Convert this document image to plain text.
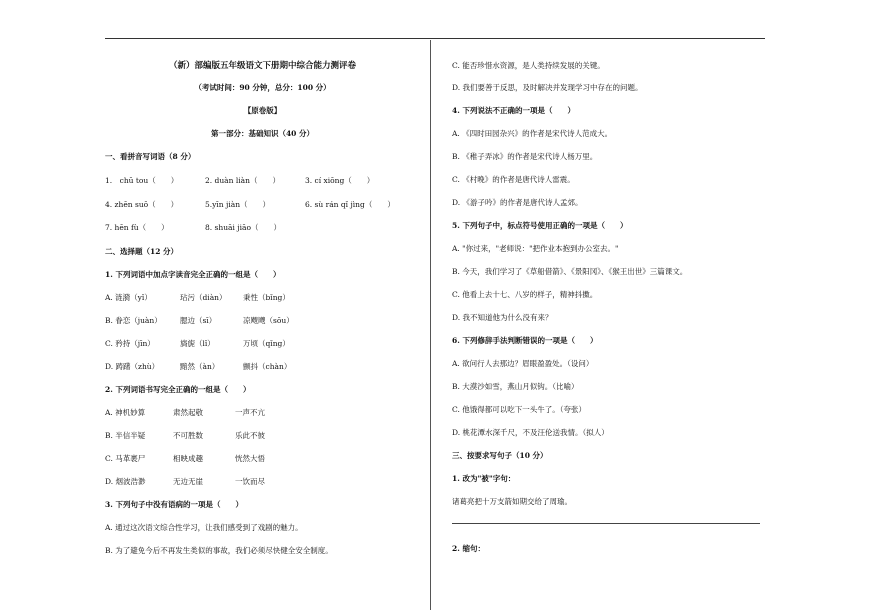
（新）部编版五年级语文下册期中综合能力测评卷
（考试时间：90 分钟，总分：100 分）
【原卷版】
第一部分：基础知识（40 分）
一、看拼音写词语（8 分）
1.　chū tou（　　）	2. duàn liàn（　　）	3. cí xiōng（　　）
4. zhēn suō（　　）	5.yīn jiàn（　　）	6. sù rán qǐ jìng（　　）
7. hēn fù（　　）	8. shuāi jiāo（　　）
二、选择题（12 分）
1. 下列词语中加点字读音完全正确的一组是（　　）
A. 涟漪（yǐ）	玷污（diàn） 秉性（bǐng）
B. 眷恋（juàn） 腮边（sī）	凉飕飕（sōu）
C. 矜持（jīn）	旖旎（lǐ）	万顷（qǐng）
D. 踌躇（zhù）	黯然（àn）	颤抖（chàn）
2. 下列词语书写完全正确的一组是（　　）
A. 神机妙算	肃然起敬	一声不亢
B. 半信半疑	不可胜数	乐此不彼
C. 马革裹尸	相映成趣	恍然大悟
D. 烟波浩渺	无边无崖	一饮而尽
3. 下列句子中没有语病的一项是（　　）
A. 通过这次语文综合性学习，让我们感受到了戏剧的魅力。
B. 为了避免今后不再发生类似的事故，我们必须尽快健全安全制度。
C. 能否珍惜水资源，是人类持续发展的关键。
D. 我们要善于反思，及时解决并发现学习中存在的问题。
4. 下列说法不正确的一项是（　　）
A. 《四时田园杂兴》的作者是宋代诗人范成大。
B. 《稚子弄冰》的作者是宋代诗人杨万里。
C. 《村晚》的作者是唐代诗人雷震。
D. 《游子吟》的作者是唐代诗人孟郊。
5. 下列句子中，标点符号使用正确的一项是（　　）
A. "你过来，"老师说："把作业本抱到办公室去。"
B. 今天，我们学习了《草船借箭》、《景阳冈》、《猴王出世》三篇课文。
C. 他看上去十七、八岁的样子，精神抖擞。
D. 我不知道他为什么没有来？
6. 下列修辞手法判断错误的一项是（　　）
A. 欲问行人去那边？眉眼盈盈处。（设问）
B. 大漠沙如雪，燕山月似钩。（比喻）
C. 他饿得都可以吃下一头牛了。（夸张）
D. 桃花潭水深千尺，不及汪伦送我情。（拟人）
三、按要求写句子（10 分）
1. 改为"被"字句：
诸葛亮把十万支箭如期交给了周瑜。
2. 缩句：
